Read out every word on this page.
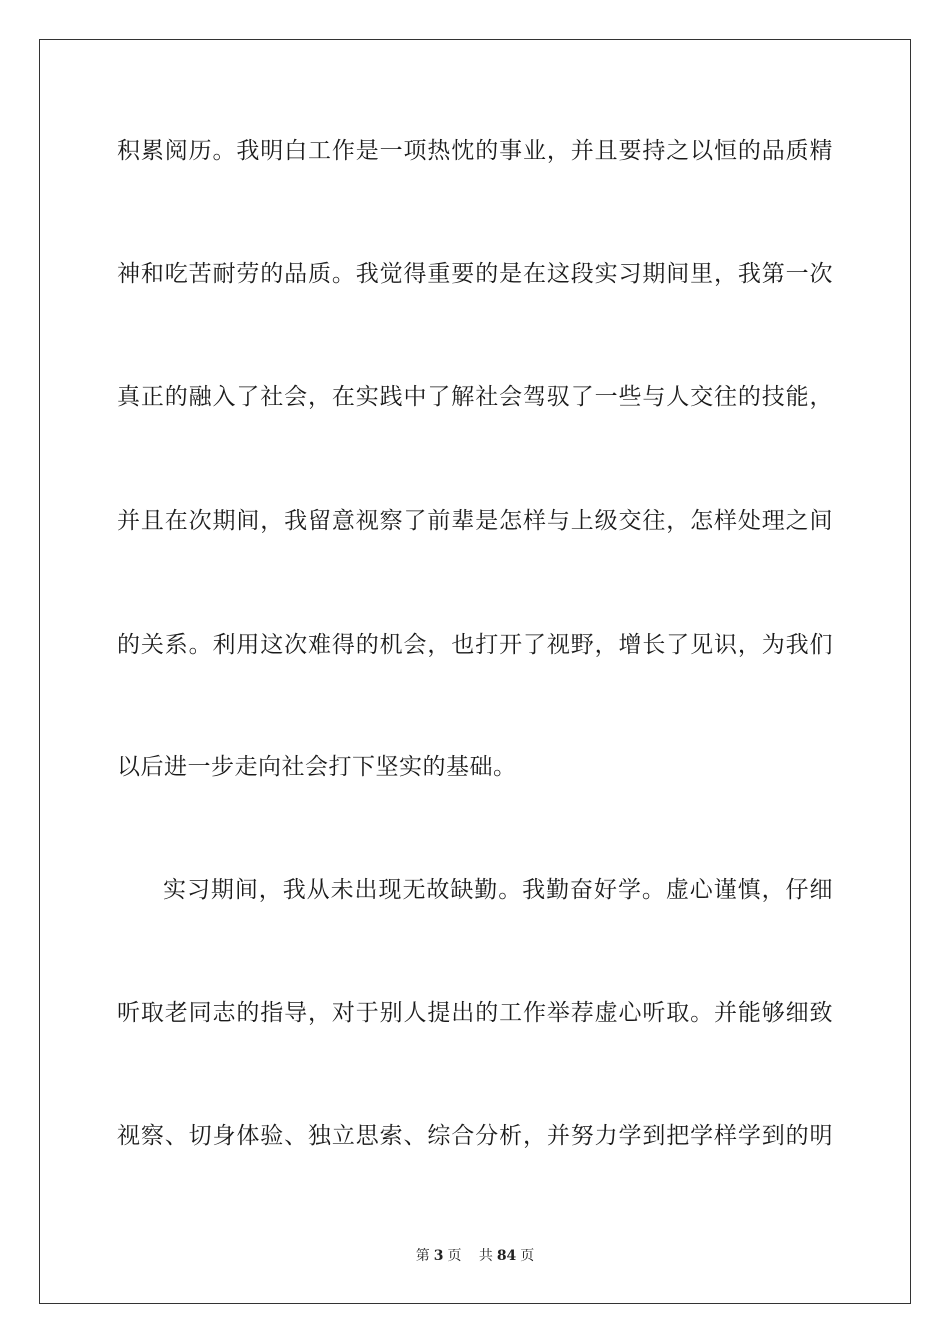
积累阅历。我明白工作是一项热忱的事业，并且要持之以恒的品质精
神和吃苦耐劳的品质。我觉得重要的是在这段实习期间里，我第一次
真正的融入了社会，在实践中了解社会驾驭了一些与人交往的技能，
并且在次期间，我留意视察了前辈是怎样与上级交往，怎样处理之间
的关系。利用这次难得的机会，也打开了视野，增长了见识，为我们
以后进一步走向社会打下坚实的基础。
实习期间，我从未出现无故缺勤。我勤奋好学。虚心谨慎，仔细
听取老同志的指导，对于别人提出的工作举荐虚心听取。并能够细致
视察、切身体验、独立思索、综合分析，并努力学到把学样学到的明
第 3 页 共 84 页
